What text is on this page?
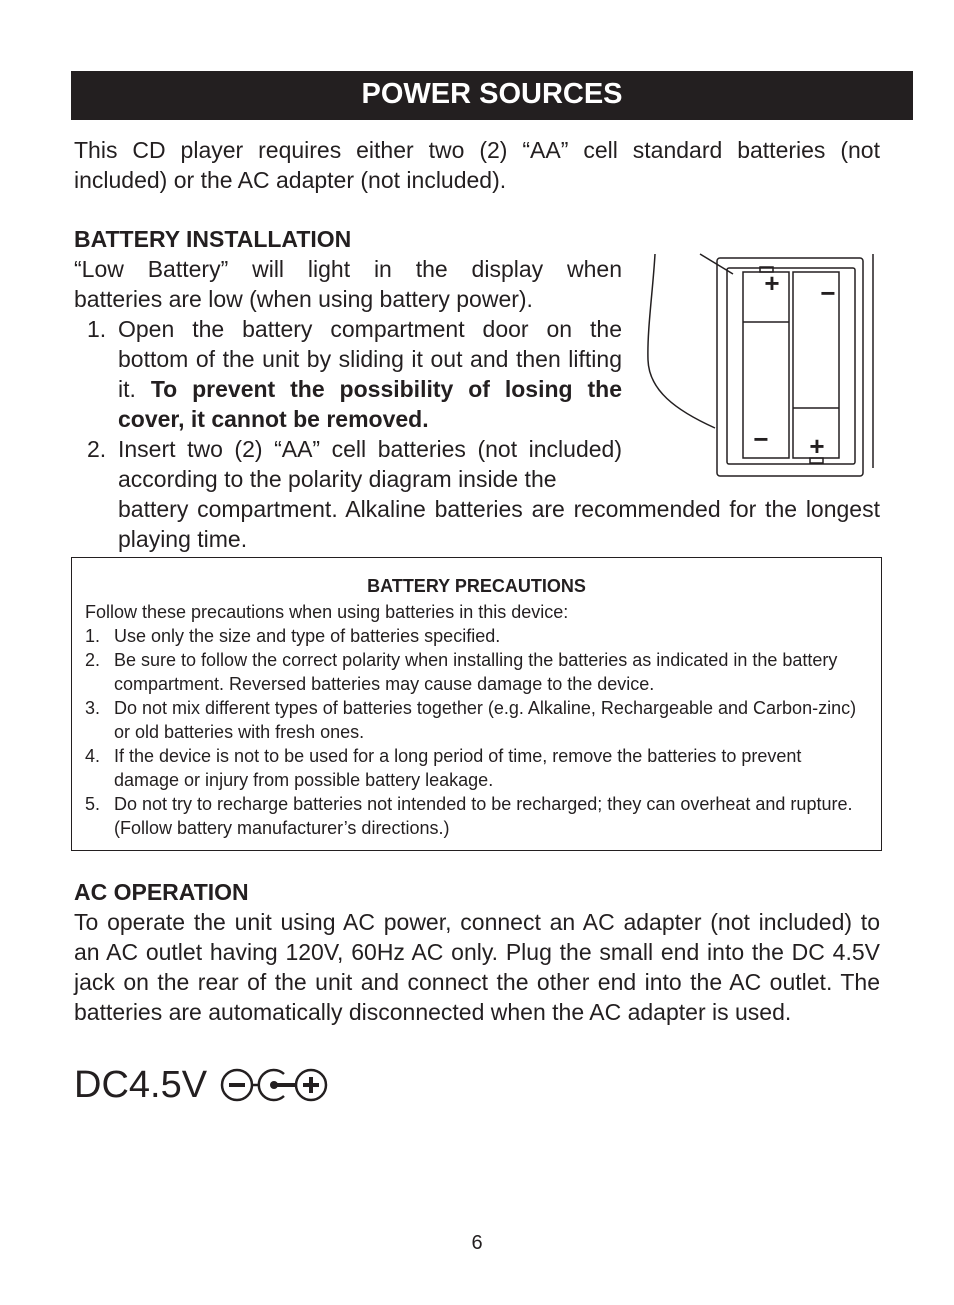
POWER SOURCES
This CD player requires either two (2) “AA” cell standard batteries (not included) or the AC adapter (not included).
BATTERY INSTALLATION
“Low Battery” will light in the display when
batteries are low (when using battery power).
1. Open the battery compartment door on the bottom of the unit by sliding it out and then lifting it. To prevent the possibility of losing the cover, it cannot be removed.
2. Insert two (2) “AA” cell batteries (not included) according to the polarity diagram inside the
battery compartment. Alkaline batteries are recommended for the longest playing time.
+ −
− +
BATTERY PRECAUTIONS
Follow these precautions when using batteries in this device:
1. Use only the size and type of batteries specified.
2. Be sure to follow the correct polarity when installing the batteries as indicated in the battery compartment. Reversed batteries may cause damage to the device.
3. Do not mix different types of batteries together (e.g. Alkaline, Rechargeable and Carbon-zinc) or old batteries with fresh ones.
4. If the device is not to be used for a long period of time, remove the batteries to prevent damage or injury from possible battery leakage.
5. Do not try to recharge batteries not intended to be recharged; they can overheat and rupture. (Follow battery manufacturer’s directions.)
AC OPERATION
To operate the unit using AC power, connect an AC adapter (not included) to an AC outlet having 120V, 60Hz AC only. Plug the small end into the DC 4.5V jack on the rear of the unit and connect the other end into the AC outlet. The batteries are automatically disconnected when the AC adapter is used.
DC4.5V
6
